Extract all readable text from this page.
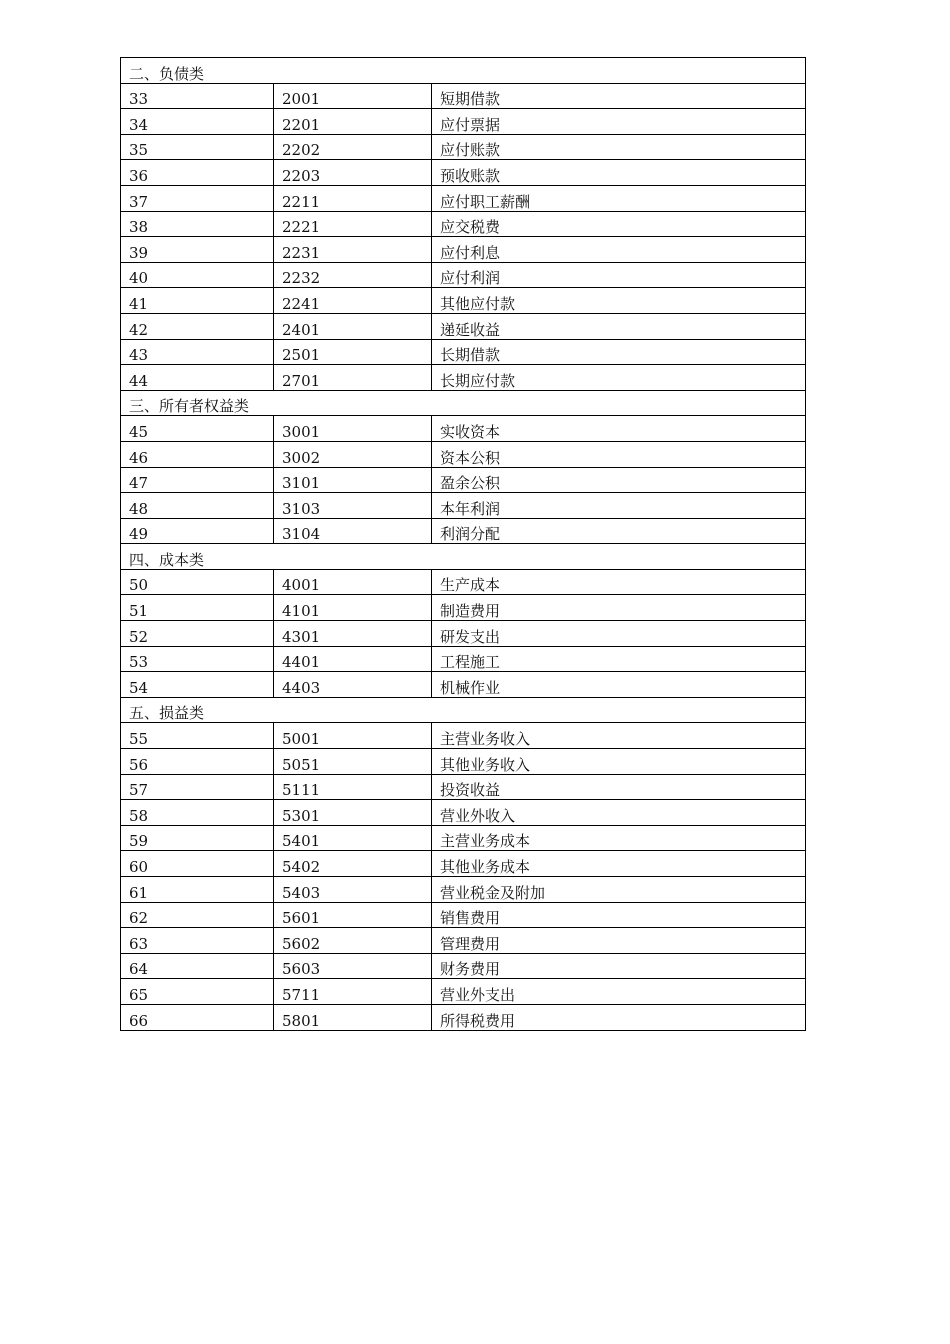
二、负债类		

33	2001	短期借款

34	2201	应付票据

35	2202	应付账款

36	2203	预收账款

37	2211	应付职工薪酬

38	2221	应交税费

39	2231	应付利息

40	2232	应付利润

41	2241	其他应付款

42	2401	递延收益

43	2501	长期借款

44	2701	长期应付款

三、所有者权益类		

45	3001	实收资本

46	3002	资本公积

47	3101	盈余公积

48	3103	本年利润

49	3104	利润分配

四、成本类		

50	4001	生产成本

51	4101	制造费用

52	4301	研发支出

53	4401	工程施工

54	4403	机械作业

五、损益类		

55	5001	主营业务收入

56	5051	其他业务收入

57	5111	投资收益

58	5301	营业外收入

59	5401	主营业务成本

60	5402	其他业务成本

61	5403	营业税金及附加

62	5601	销售费用

63	5602	管理费用

64	5603	财务费用

65	5711	营业外支出

66	5801	所得税费用
